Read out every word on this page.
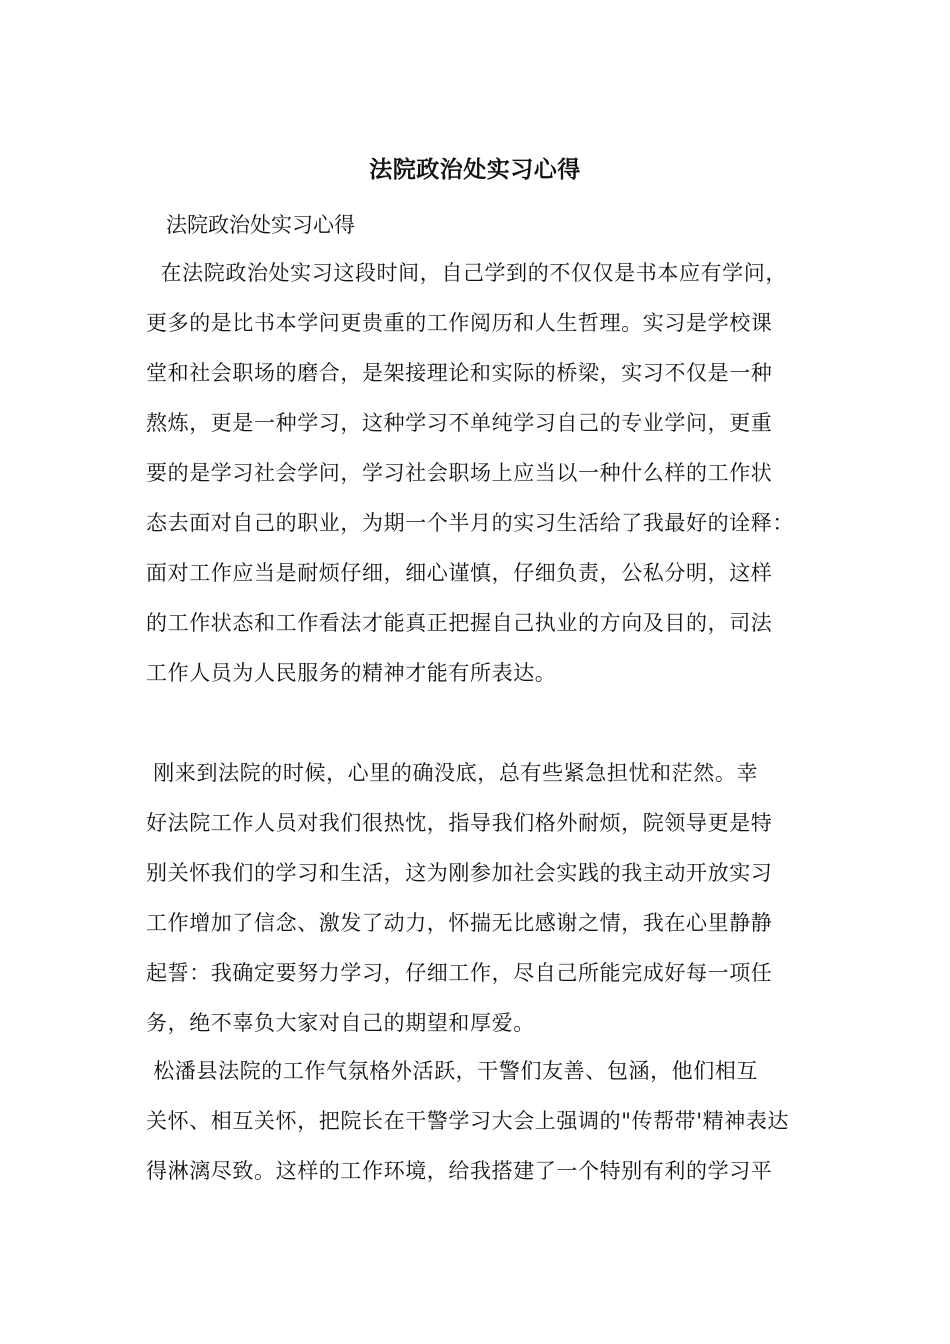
法院政治处实习心得
法院政治处实习心得
在法院政治处实习这段时间，自己学到的不仅仅是书本应有学问，
更多的是比书本学问更贵重的工作阅历和人生哲理。实习是学校课
堂和社会职场的磨合，是架接理论和实际的桥梁，实习不仅是一种
熬炼，更是一种学习，这种学习不单纯学习自己的专业学问，更重
要的是学习社会学问，学习社会职场上应当以一种什么样的工作状
态去面对自己的职业，为期一个半月的实习生活给了我最好的诠释：
面对工作应当是耐烦仔细，细心谨慎，仔细负责，公私分明，这样
的工作状态和工作看法才能真正把握自己执业的方向及目的，司法
工作人员为人民服务的精神才能有所表达。
刚来到法院的时候，心里的确没底，总有些紧急担忧和茫然。幸
好法院工作人员对我们很热忱，指导我们格外耐烦，院领导更是特
别关怀我们的学习和生活，这为刚参加社会实践的我主动开放实习
工作增加了信念、激发了动力，怀揣无比感谢之情，我在心里静静
起誓：我确定要努力学习，仔细工作，尽自己所能完成好每一项任
务，绝不辜负大家对自己的期望和厚爱。
松潘县法院的工作气氛格外活跃，干警们友善、包涵，他们相互
关怀、相互关怀，把院长在干警学习大会上强调的"传帮带'精神表达
得淋漓尽致。这样的工作环境，给我搭建了一个特别有利的学习平
